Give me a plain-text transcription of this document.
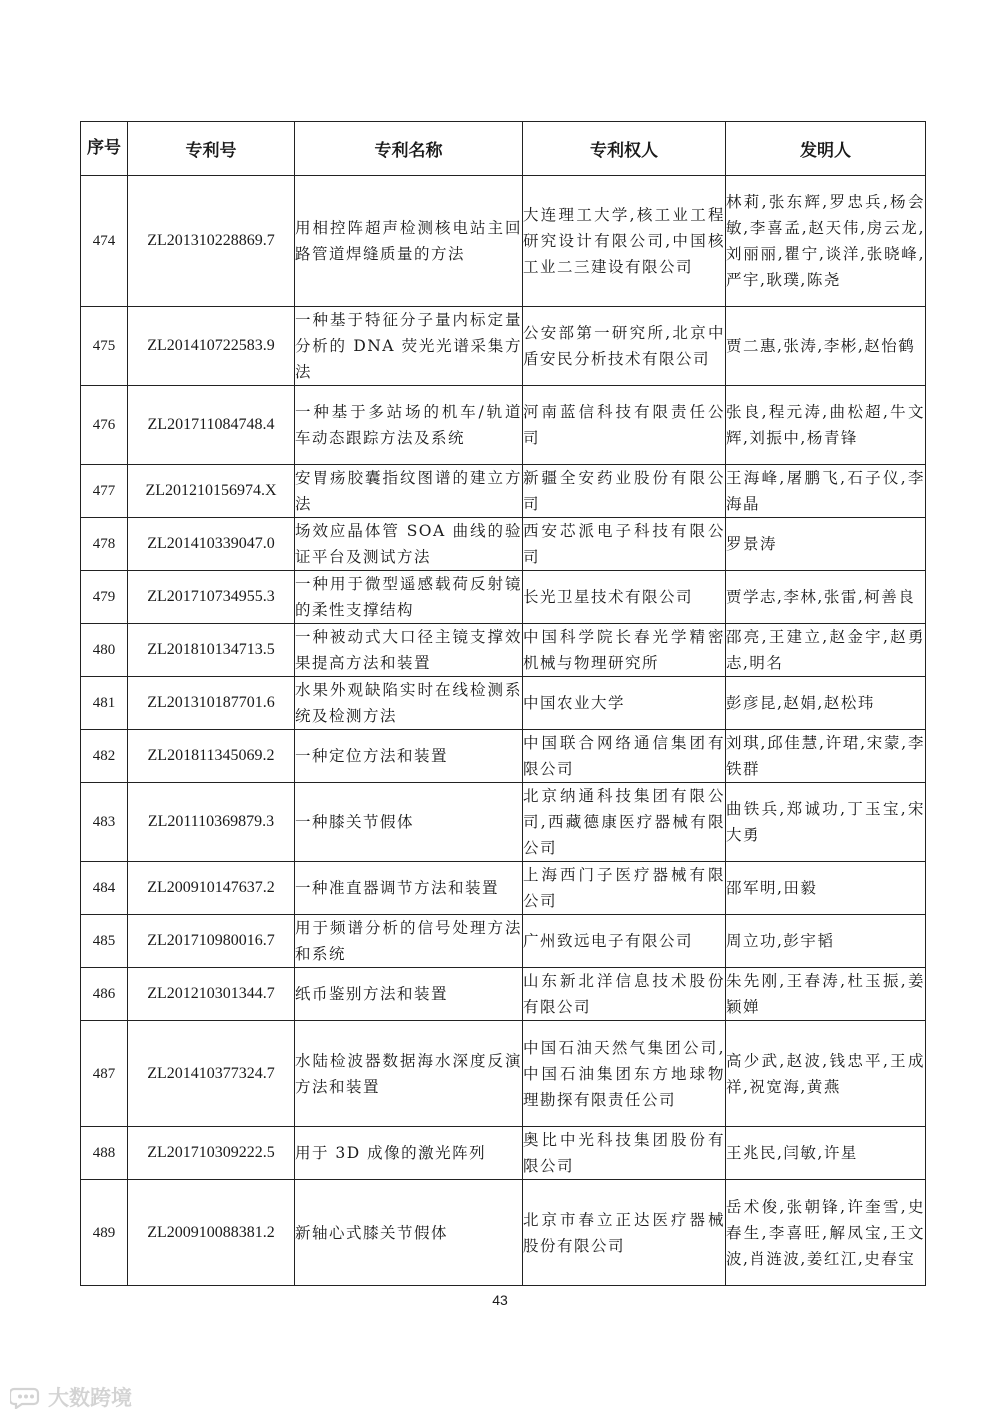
序号	专利号	专利名称	专利权人	发明人
474	ZL201310228869.7	用相控阵超声检测核电站主回路管道焊缝质量的方法	大连理工大学,核工业工程研究设计有限公司,中国核工业二三建设有限公司	林莉,张东辉,罗忠兵,杨会敏,李喜孟,赵天伟,房云龙,刘丽丽,瞿宁,谈洋,张晓峰,严宇,耿璞,陈尧
475	ZL201410722583.9	一种基于特征分子量内标定量分析的 DNA 荧光光谱采集方法	公安部第一研究所,北京中盾安民分析技术有限公司	贾二惠,张涛,李彬,赵怡鹤
476	ZL201711084748.4	一种基于多站场的机车/轨道车动态跟踪方法及系统	河南蓝信科技有限责任公司	张良,程元涛,曲松超,牛文辉,刘振中,杨青锋
477	ZL201210156974.X	安胃疡胶囊指纹图谱的建立方法	新疆全安药业股份有限公司	王海峰,屠鹏飞,石子仪,李海晶
478	ZL201410339047.0	场效应晶体管 SOA 曲线的验证平台及测试方法	西安芯派电子科技有限公司	罗景涛
479	ZL201710734955.3	一种用于微型遥感载荷反射镜的柔性支撑结构	长光卫星技术有限公司	贾学志,李林,张雷,柯善良
480	ZL201810134713.5	一种被动式大口径主镜支撑效果提高方法和装置	中国科学院长春光学精密机械与物理研究所	邵亮,王建立,赵金宇,赵勇志,明名
481	ZL201310187701.6	水果外观缺陷实时在线检测系统及检测方法	中国农业大学	彭彦昆,赵娟,赵松玮
482	ZL201811345069.2	一种定位方法和装置	中国联合网络通信集团有限公司	刘琪,邱佳慧,许珺,宋蒙,李铁群
483	ZL201110369879.3	一种膝关节假体	北京纳通科技集团有限公司,西藏德康医疗器械有限公司	曲铁兵,郑诚功,丁玉宝,宋大勇
484	ZL200910147637.2	一种准直器调节方法和装置	上海西门子医疗器械有限公司	邵军明,田毅
485	ZL201710980016.7	用于频谱分析的信号处理方法和系统	广州致远电子有限公司	周立功,彭宇韬
486	ZL201210301344.7	纸币鉴别方法和装置	山东新北洋信息技术股份有限公司	朱先刚,王春涛,杜玉振,姜颖婵
487	ZL201410377324.7	水陆检波器数据海水深度反演方法和装置	中国石油天然气集团公司,中国石油集团东方地球物理勘探有限责任公司	高少武,赵波,钱忠平,王成祥,祝宽海,黄燕
488	ZL201710309222.5	用于 3D 成像的激光阵列	奥比中光科技集团股份有限公司	王兆民,闫敏,许星
489	ZL200910088381.2	新轴心式膝关节假体	北京市春立正达医疗器械股份有限公司	岳术俊,张朝锋,许奎雪,史春生,李喜旺,解凤宝,王文波,肖涟波,姜红江,史春宝
43
大数跨境
